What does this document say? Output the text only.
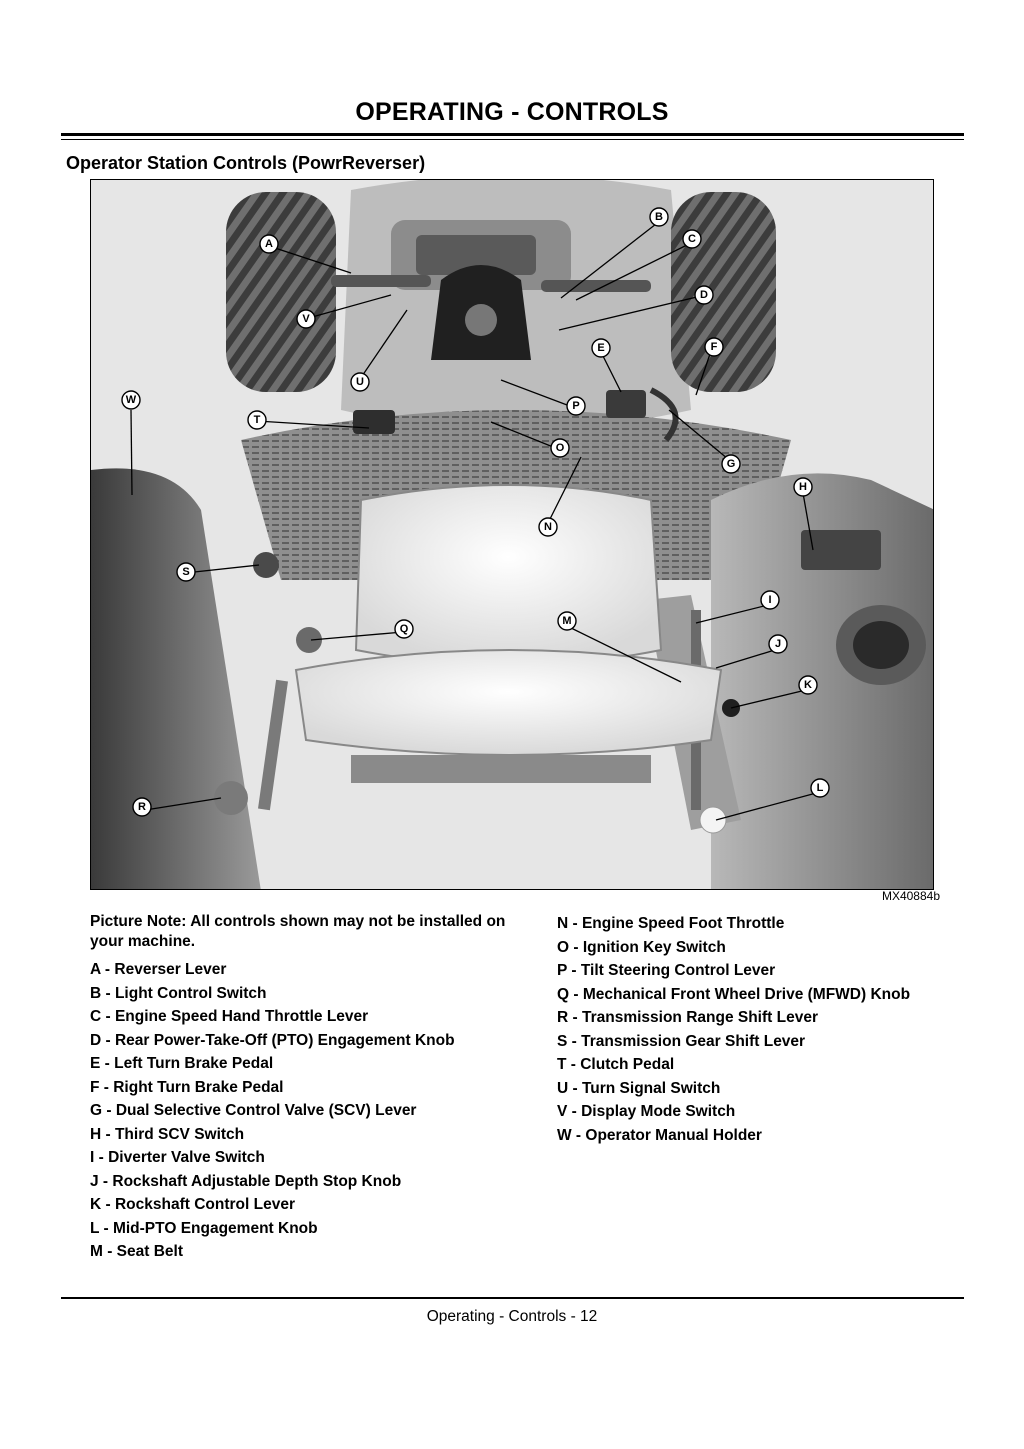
OPERATING - CONTROLS
Operator Station Controls (PowrReverser)
A
B
C
D
E	F
G
H
I
J
K
L
M
N
O
P
Q
R
S
T
U
V
W
MX40884b
Picture Note: All controls shown may not be installed on your machine.
A - Reverser Lever
B - Light Control Switch
C - Engine Speed Hand Throttle Lever
D - Rear Power-Take-Off (PTO) Engagement Knob
E - Left Turn Brake Pedal
F - Right Turn Brake Pedal
G - Dual Selective Control Valve (SCV) Lever
H - Third SCV Switch
I - Diverter Valve Switch
J - Rockshaft Adjustable Depth Stop Knob
K - Rockshaft Control Lever
L - Mid-PTO Engagement Knob
M - Seat Belt
N - Engine Speed Foot Throttle
O - Ignition Key Switch
P - Tilt Steering Control Lever
Q - Mechanical Front Wheel Drive (MFWD) Knob
R - Transmission Range Shift Lever
S - Transmission Gear Shift Lever
T - Clutch Pedal
U - Turn Signal Switch
V - Display Mode Switch
W - Operator Manual Holder
Operating - Controls - 12
